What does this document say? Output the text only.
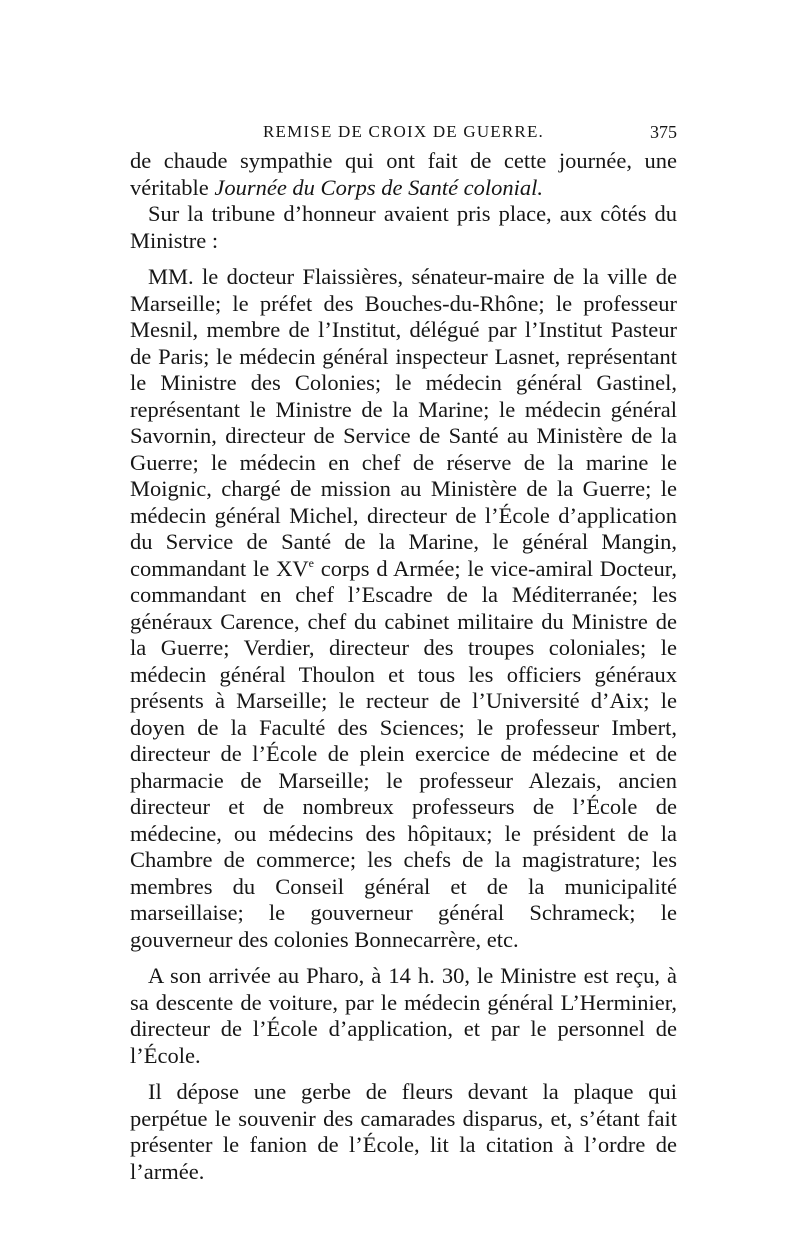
REMISE DE CROIX DE GUERRE.	375

de chaude sympathie qui ont fait de cette journée, une véritable Journée du Corps de Santé colonial.

Sur la tribune d’honneur avaient pris place, aux côtés du Ministre :

MM. le docteur Flaissières, sénateur-maire de la ville de Marseille; le préfet des Bouches-du-Rhône; le professeur Mesnil, membre de l’Institut, délégué par l’Institut Pasteur de Paris; le médecin général inspecteur Lasnet, représentant le Ministre des Colonies; le médecin général Gastinel, représentant le Ministre de la Marine; le médecin général Savornin, directeur de Service de Santé au Ministère de la Guerre; le médecin en chef de réserve de la marine le Moignic, chargé de mission au Ministère de la Guerre; le médecin général Michel, directeur de l’École d’application du Service de Santé de la Marine, le général Mangin, commandant le XVe corps d Armée; le vice-amiral Docteur, commandant en chef l’Escadre de la Méditerranée; les généraux Carence, chef du cabinet militaire du Ministre de la Guerre; Verdier, directeur des troupes coloniales; le médecin général Thoulon et tous les officiers généraux présents à Marseille; le recteur de l’Université d’Aix; le doyen de la Faculté des Sciences; le professeur Imbert, directeur de l’École de plein exercice de médecine et de pharmacie de Marseille; le professeur Alezais, ancien directeur et de nombreux professeurs de l’École de médecine, ou médecins des hôpitaux; le président de la Chambre de commerce; les chefs de la magistrature; les membres du Conseil général et de la municipalité marseillaise; le gouverneur général Schrameck; le gouverneur des colonies Bonnecarrère, etc.

A son arrivée au Pharo, à 14 h. 30, le Ministre est reçu, à sa descente de voiture, par le médecin général L’Herminier, directeur de l’École d’application, et par le personnel de l’École.

Il dépose une gerbe de fleurs devant la plaque qui perpétue le souvenir des camarades disparus, et, s’étant fait présenter le fanion de l’École, lit la citation à l’ordre de l’armée.
